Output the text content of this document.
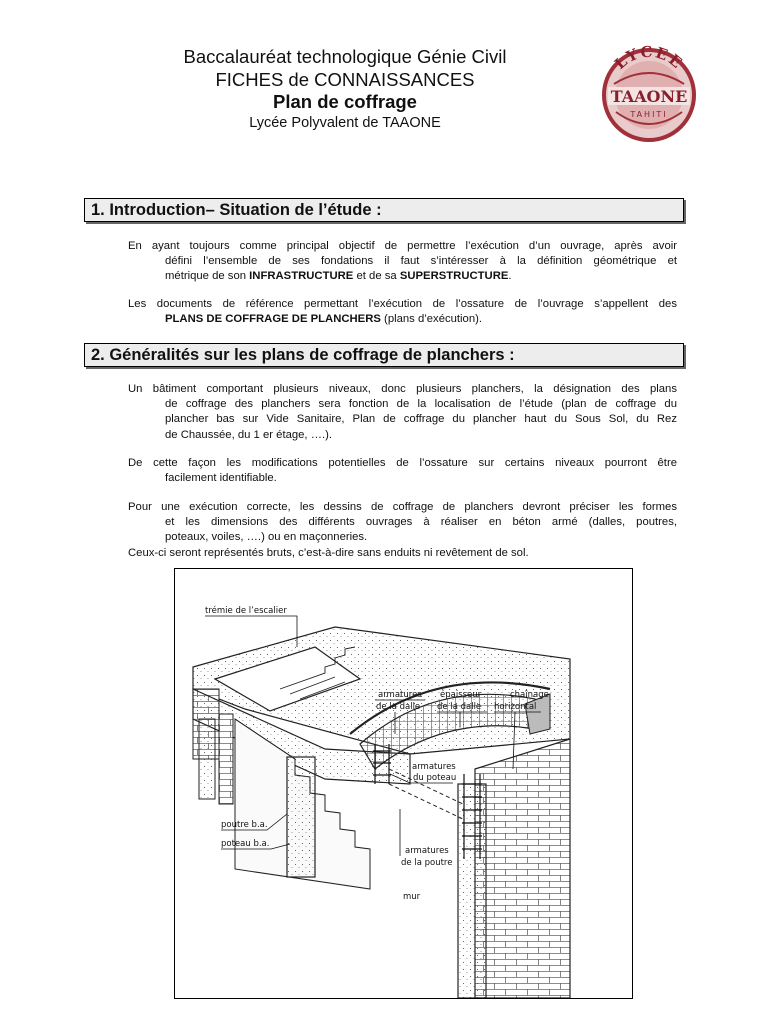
Baccalauréat technologique Génie Civil
FICHES de CONNAISSANCES
Plan de coffrage
Lycée Polyvalent de TAAONE
LYCEE
TAAONE
TAHITI
1. Introduction– Situation de l’étude :
En ayant toujours comme principal objectif de permettre l’exécution d’un ouvrage, après avoir
défini l’ensemble de ses fondations il faut s’intéresser à la définition géométrique et
métrique de son INFRASTRUCTURE et de sa SUPERSTRUCTURE.
Les documents de référence permettant l’exécution de l’ossature de l’ouvrage s’appellent des
PLANS DE COFFRAGE DE PLANCHERS (plans d’exécution).
2. Généralités sur les plans de coffrage de planchers :
Un bâtiment comportant plusieurs niveaux, donc plusieurs planchers, la désignation des plans
de coffrage des planchers sera fonction de la localisation de l’étude (plan de coffrage du
plancher bas sur Vide Sanitaire, Plan de coffrage du plancher haut du Sous Sol, du Rez
de Chaussée, du 1 er étage, ….).
De cette façon les modifications potentielles de l’ossature sur certains niveaux pourront être
facilement identifiable.
Pour une exécution correcte, les dessins de coffrage de planchers devront préciser les formes
et les dimensions des différents ouvrages à réaliser en béton armé (dalles, poutres,
poteaux, voiles, ….) ou en maçonneries.
Ceux-ci seront représentés bruts, c’est-à-dire sans enduits ni revêtement de sol.
trémie de l’escalier
armatures
de la dalle
épaisseur
de la dalle
chaînage
horizontal
armatures
du poteau
poutre b.a.
poteau b.a.
armatures
de la poutre
mur
